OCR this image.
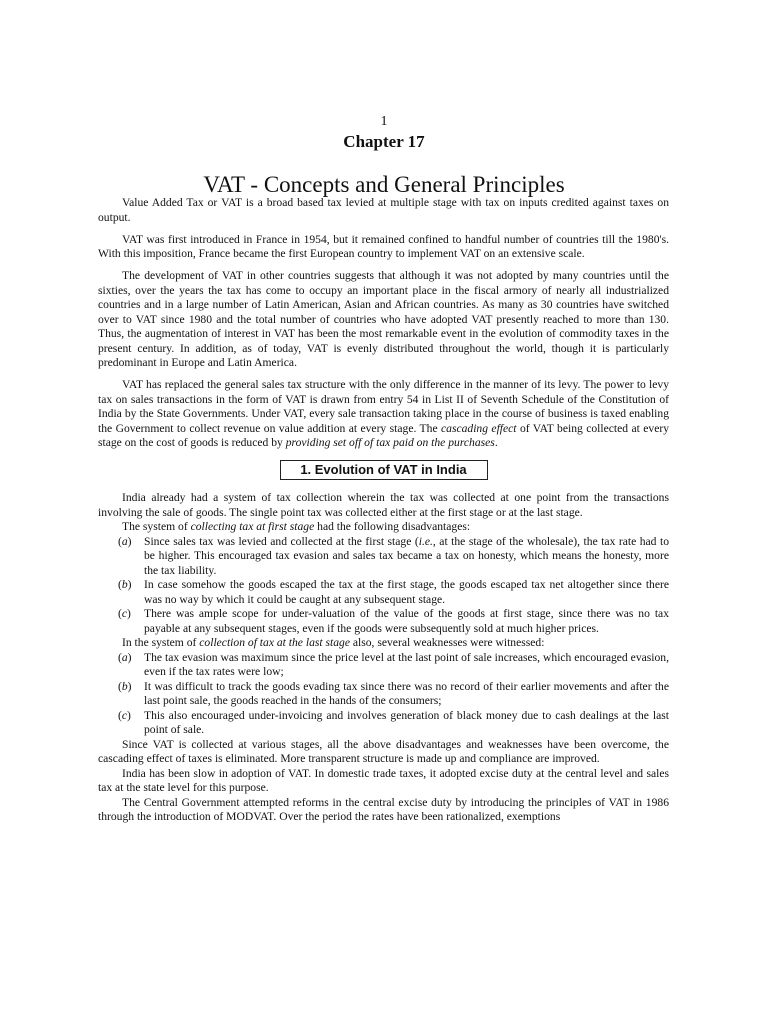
1
Chapter 17
VAT - Concepts and General Principles

Value Added Tax or VAT is a broad based tax levied at multiple stage with tax on inputs credited against taxes on output.

VAT was first introduced in France in 1954, but it remained confined to handful number of countries till the 1980's. With this imposition, France became the first European country to implement VAT on an extensive scale.

The development of VAT in other countries suggests that although it was not adopted by many countries until the sixties, over the years the tax has come to occupy an important place in the fiscal armory of nearly all industrialized countries and in a large number of Latin American, Asian and African countries. As many as 30 countries have switched over to VAT since 1980 and the total number of countries who have adopted VAT presently reached to more than 130. Thus, the augmentation of interest in VAT has been the most remarkable event in the evolution of commodity taxes in the present century. In addition, as of today, VAT is evenly distributed throughout the world, though it is particularly predominant in Europe and Latin America.

VAT has replaced the general sales tax structure with the only difference in the manner of its levy. The power to levy tax on sales transactions in the form of VAT is drawn from entry 54 in List II of Seventh Schedule of the Constitution of India by the State Governments. Under VAT, every sale transaction taking place in the course of business is taxed enabling the Government to collect revenue on value addition at every stage. The cascading effect of VAT being collected at every stage on the cost of goods is reduced by providing set off of tax paid on the purchases.

1. Evolution of VAT in India

India already had a system of tax collection wherein the tax was collected at one point from the transactions involving the sale of goods. The single point tax was collected either at the first stage or at the last stage.

The system of collecting tax at first stage had the following disadvantages:

(a) Since sales tax was levied and collected at the first stage (i.e., at the stage of the wholesale), the tax rate had to be higher. This encouraged tax evasion and sales tax became a tax on honesty, which means the honesty, more the tax liability.
(b) In case somehow the goods escaped the tax at the first stage, the goods escaped tax net altogether since there was no way by which it could be caught at any subsequent stage.
(c) There was ample scope for under-valuation of the value of the goods at first stage, since there was no tax payable at any subsequent stages, even if the goods were subsequently sold at much higher prices.

In the system of collection of tax at the last stage also, several weaknesses were witnessed:

(a) The tax evasion was maximum since the price level at the last point of sale increases, which encouraged evasion, even if the tax rates were low;
(b) It was difficult to track the goods evading tax since there was no record of their earlier movements and after the last point sale, the goods reached in the hands of the consumers;
(c) This also encouraged under-invoicing and involves generation of black money due to cash dealings at the last point of sale.

Since VAT is collected at various stages, all the above disadvantages and weaknesses have been overcome, the cascading effect of taxes is eliminated. More transparent structure is made up and compliance are improved.

India has been slow in adoption of VAT. In domestic trade taxes, it adopted excise duty at the central level and sales tax at the state level for this purpose.

The Central Government attempted reforms in the central excise duty by introducing the principles of VAT in 1986 through the introduction of MODVAT. Over the period the rates have been rationalized, exemptions
